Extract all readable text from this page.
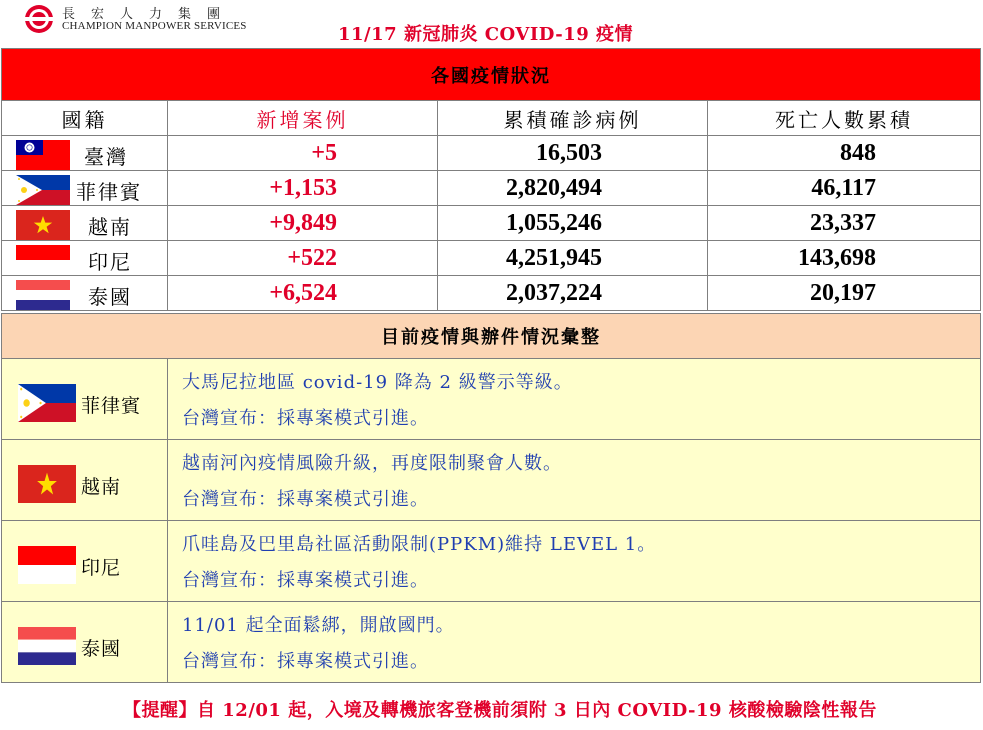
長宏人力集團
CHAMPION MANPOWER SERVICES	11/17 新冠肺炎 COVID-19 疫情
各國疫情狀況			
國籍	新增案例	累積確診病例	死亡人數累積

臺灣	+5	16,503	848

菲律賓	+1,153	2,820,494	46,117

越南	+9,849	1,055,246	23,337

印尼	+522	4,251,945	143,698

泰國	+6,524	2,037,224	20,197
目前疫情與辦件情況彙整	

菲律賓	大馬尼拉地區 covid-19 降為 2 級警示等級。
台灣宣布：採專案模式引進。

越南	越南河內疫情風險升級，再度限制聚會人數。
台灣宣布：採專案模式引進。

印尼	爪哇島及巴里島社區活動限制(PPKM)維持 LEVEL 1。
台灣宣布：採專案模式引進。

泰國	11/01 起全面鬆綁，開啟國門。
台灣宣布：採專案模式引進。
【提醒】自 12/01 起，入境及轉機旅客登機前須附 3 日內 COVID-19 核酸檢驗陰性報告
